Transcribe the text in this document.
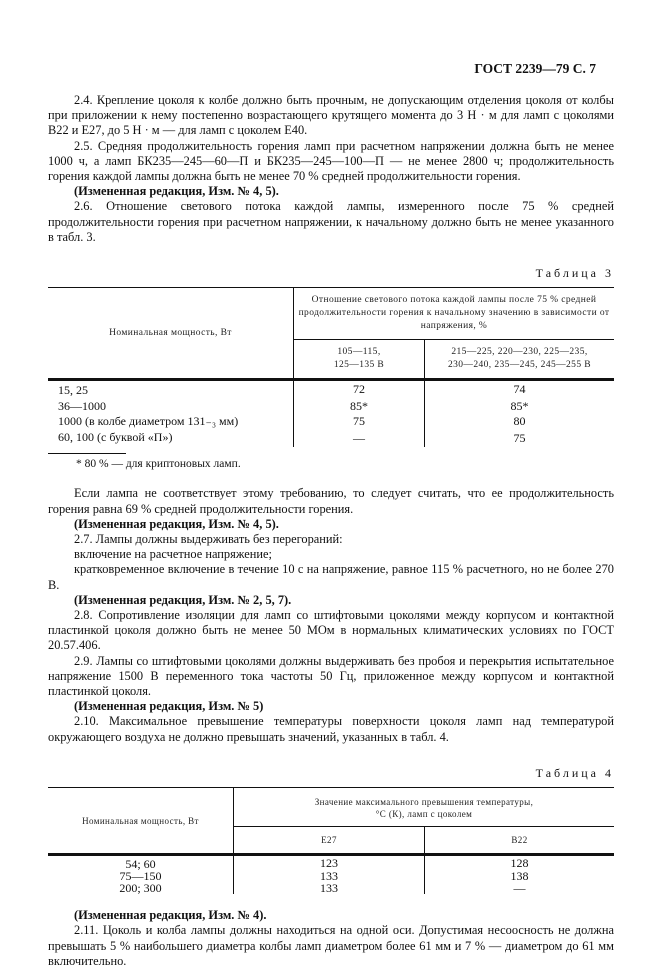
ГОСТ 2239—79 С. 7

2.4. Крепление цоколя к колбе должно быть прочным, не допускающим отделения цоколя от колбы при приложении к нему постепенно возрастающего крутящего момента до 3 Н · м для ламп с цоколями В22 и Е27, до 5 Н · м — для ламп с цоколем Е40.

2.5. Средняя продолжительность горения ламп при расчетном напряжении должна быть не менее 1000 ч, а ламп БК235—245—60—П и БК235—245—100—П — не менее 2800 ч; продолжительность горения каждой лампы должна быть не менее 70 % средней продолжительности горения.

(Измененная редакция, Изм. № 4, 5).

2.6. Отношение светового потока каждой лампы, измеренного после 75 % средней продолжительности горения при расчетном напряжении, к начальному должно быть не менее указанного в табл. 3.

Таблица 3
Номинальная мощность, Вт	Отношение светового потока каждой лампы после 75 % средней продолжительности горения к начальному значению в зависимости от напряжения, %	

105—115,
125—135 В

215—225, 220—230, 225—235,
230—240, 235—245, 245—255 В

15, 25	72	74
36—1000	85*	85*
1000 (в колбе диаметром 131₋₃ мм)	75	80
60, 100 (с буквой «П»)	—	75
* 80 % — для криптоновых ламп.

Если лампа не соответствует этому требованию, то следует считать, что ее продолжительность горения равна 69 % средней продолжительности горения.

(Измененная редакция, Изм. № 4, 5).

2.7. Лампы должны выдерживать без перегораний:

включение на расчетное напряжение;

кратковременное включение в течение 10 с на напряжение, равное 115 % расчетного, но не более 270 В.

(Измененная редакция, Изм. № 2, 5, 7).

2.8. Сопротивление изоляции для ламп со штифтовыми цоколями между корпусом и контактной пластинкой цоколя должно быть не менее 50 МОм в нормальных климатических условиях по ГОСТ 20.57.406.

2.9. Лампы со штифтовыми цоколями должны выдерживать без пробоя и перекрытия испытательное напряжение 1500 В переменного тока частоты 50 Гц, приложенное между корпусом и контактной пластинкой цоколя.

(Измененная редакция, Изм. № 5)

2.10. Максимальное превышение температуры поверхности цоколя ламп над температурой окружающего воздуха не должно превышать значений, указанных в табл. 4.

Таблица 4
Номинальная мощность, Вт	Значение максимального превышения температуры,
°С (К), ламп с цоколем	

	Е27	В22
54; 60	123	128
75—150	133	138
200; 300	133	—

(Измененная редакция, Изм. № 4).

2.11. Цоколь и колба лампы должны находиться на одной оси. Допустимая несоосность не должна превышать 5 % наибольшего диаметра колбы ламп диаметром более 61 мм и 7 % — диаметром до 61 мм включительно.
